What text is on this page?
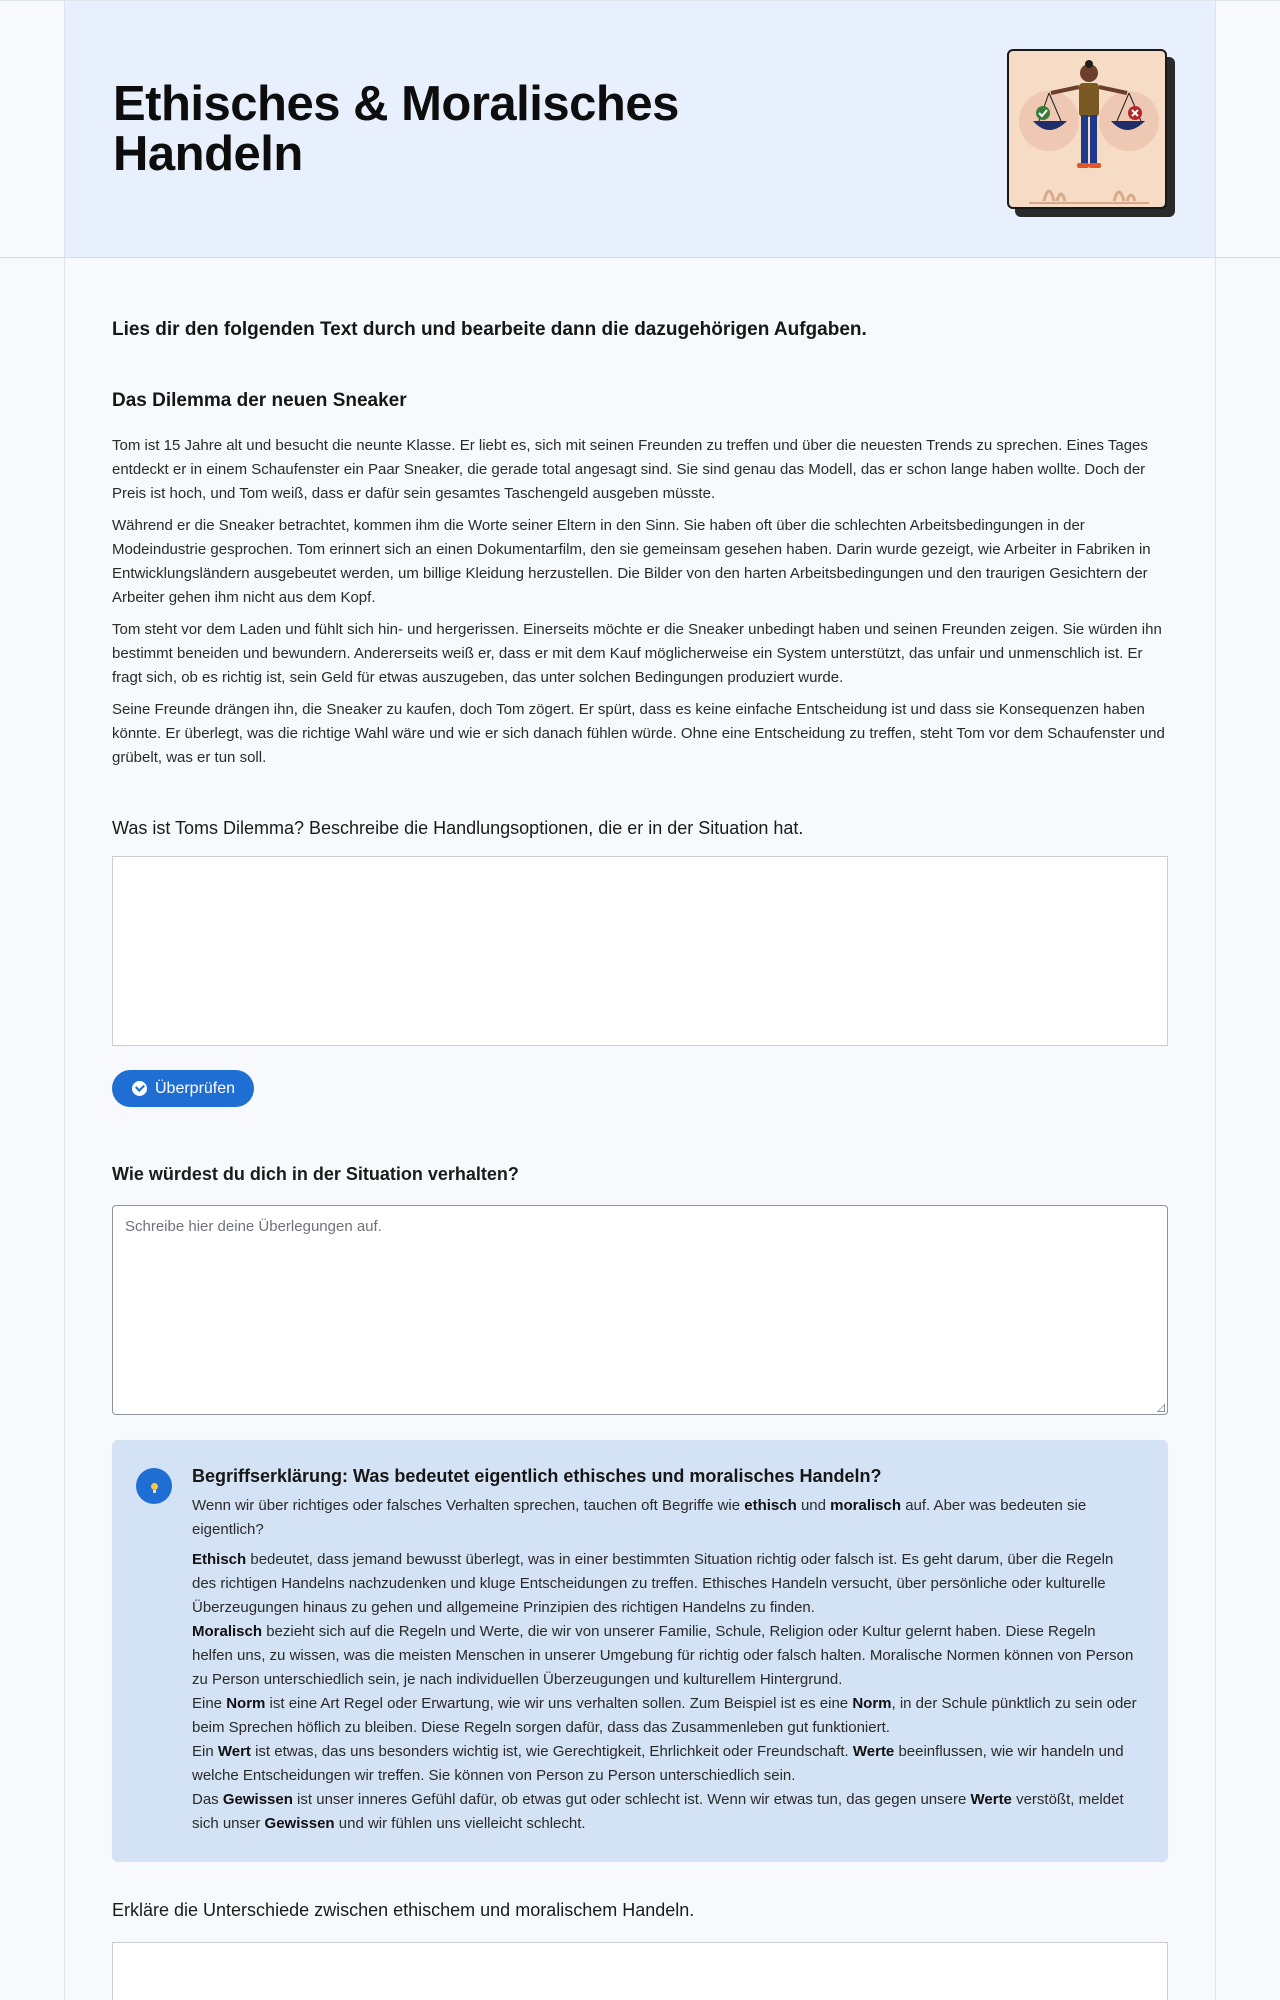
Ethisches & Moralisches Handeln

Lies dir den folgenden Text durch und bearbeite dann die dazugehörigen Aufgaben.

Das Dilemma der neuen Sneaker

Tom ist 15 Jahre alt und besucht die neunte Klasse. Er liebt es, sich mit seinen Freunden zu treffen und über die neuesten Trends zu sprechen. Eines Tages entdeckt er in einem Schaufenster ein Paar Sneaker, die gerade total angesagt sind. Sie sind genau das Modell, das er schon lange haben wollte. Doch der Preis ist hoch, und Tom weiß, dass er dafür sein gesamtes Taschengeld ausgeben müsste.

Während er die Sneaker betrachtet, kommen ihm die Worte seiner Eltern in den Sinn. Sie haben oft über die schlechten Arbeitsbedingungen in der Modeindustrie gesprochen. Tom erinnert sich an einen Dokumentarfilm, den sie gemeinsam gesehen haben. Darin wurde gezeigt, wie Arbeiter in Fabriken in Entwicklungsländern ausgebeutet werden, um billige Kleidung herzustellen. Die Bilder von den harten Arbeitsbedingungen und den traurigen Gesichtern der Arbeiter gehen ihm nicht aus dem Kopf.

Tom steht vor dem Laden und fühlt sich hin- und hergerissen. Einerseits möchte er die Sneaker unbedingt haben und seinen Freunden zeigen. Sie würden ihn bestimmt beneiden und bewundern. Andererseits weiß er, dass er mit dem Kauf möglicherweise ein System unterstützt, das unfair und unmenschlich ist. Er fragt sich, ob es richtig ist, sein Geld für etwas auszugeben, das unter solchen Bedingungen produziert wurde.

Seine Freunde drängen ihn, die Sneaker zu kaufen, doch Tom zögert. Er spürt, dass es keine einfache Entscheidung ist und dass sie Konsequenzen haben könnte. Er überlegt, was die richtige Wahl wäre und wie er sich danach fühlen würde. Ohne eine Entscheidung zu treffen, steht Tom vor dem Schaufenster und grübelt, was er tun soll.

Was ist Toms Dilemma? Beschreibe die Handlungsoptionen, die er in der Situation hat.

Überprüfen

Wie würdest du dich in der Situation verhalten?

Schreibe hier deine Überlegungen auf.
Begriffserklärung: Was bedeutet eigentlich ethisches und moralisches Handeln?

Wenn wir über richtiges oder falsches Verhalten sprechen, tauchen oft Begriffe wie ethisch und moralisch auf. Aber was bedeuten sie eigentlich?

Ethisch bedeutet, dass jemand bewusst überlegt, was in einer bestimmten Situation richtig oder falsch ist. Es geht darum, über die Regeln des richtigen Handelns nachzudenken und kluge Entscheidungen zu treffen. Ethisches Handeln versucht, über persönliche oder kulturelle Überzeugungen hinaus zu gehen und allgemeine Prinzipien des richtigen Handelns zu finden.

Moralisch bezieht sich auf die Regeln und Werte, die wir von unserer Familie, Schule, Religion oder Kultur gelernt haben. Diese Regeln helfen uns, zu wissen, was die meisten Menschen in unserer Umgebung für richtig oder falsch halten. Moralische Normen können von Person zu Person unterschiedlich sein, je nach individuellen Überzeugungen und kulturellem Hintergrund.

Eine Norm ist eine Art Regel oder Erwartung, wie wir uns verhalten sollen. Zum Beispiel ist es eine Norm, in der Schule pünktlich zu sein oder beim Sprechen höflich zu bleiben. Diese Regeln sorgen dafür, dass das Zusammenleben gut funktioniert.

Ein Wert ist etwas, das uns besonders wichtig ist, wie Gerechtigkeit, Ehrlichkeit oder Freundschaft. Werte beeinflussen, wie wir handeln und welche Entscheidungen wir treffen. Sie können von Person zu Person unterschiedlich sein.

Das Gewissen ist unser inneres Gefühl dafür, ob etwas gut oder schlecht ist. Wenn wir etwas tun, das gegen unsere Werte verstößt, meldet sich unser Gewissen und wir fühlen uns vielleicht schlecht.

Erkläre die Unterschiede zwischen ethischem und moralischem Handeln.
